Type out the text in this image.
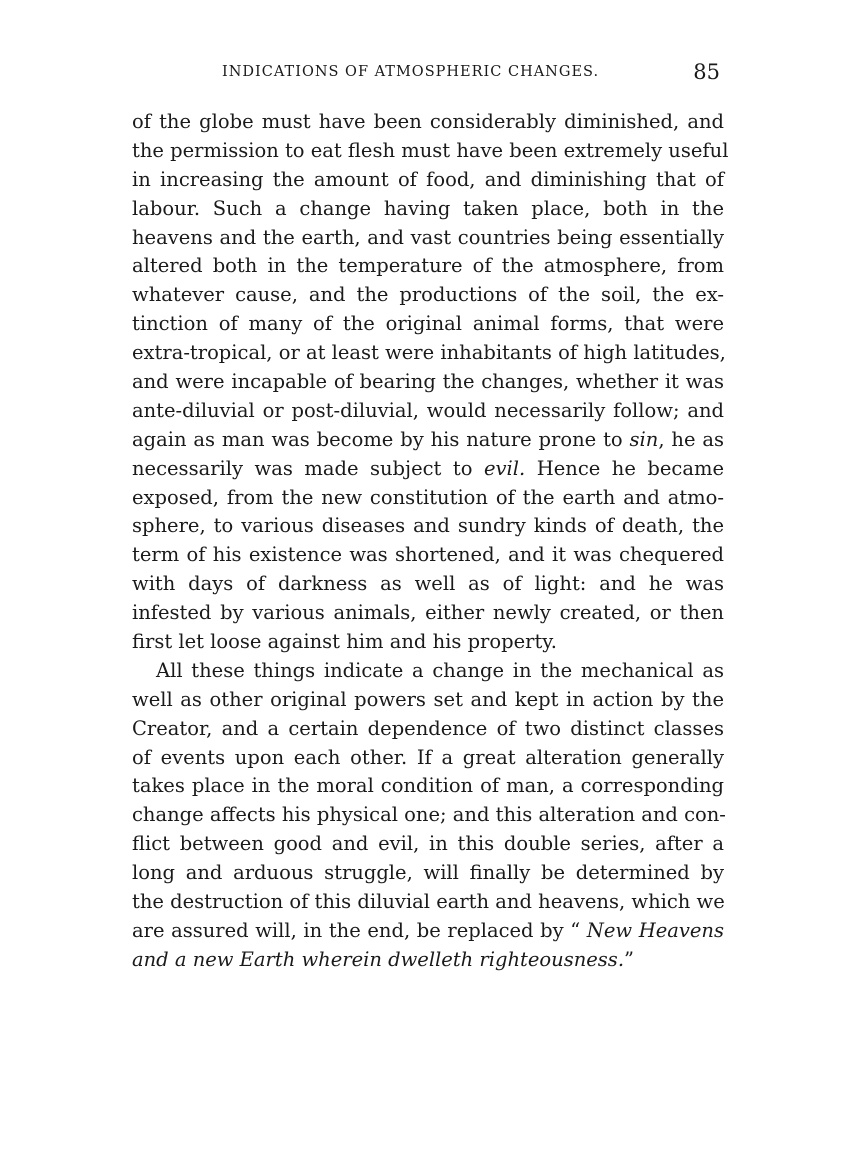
INDICATIONS OF ATMOSPHERIC CHANGES.	85
of the globe must have been considerably diminished, and
the permission to eat flesh must have been extremely useful
in increasing the amount of food, and diminishing that of
labour. Such a change having taken place, both in the
heavens and the earth, and vast countries being essentially
altered both in the temperature of the atmosphere, from
whatever cause, and the productions of the soil, the ex-
tinction of many of the original animal forms, that were
extra-tropical, or at least were inhabitants of high latitudes,
and were incapable of bearing the changes, whether it was
ante-diluvial or post-diluvial, would necessarily follow; and
again as man was become by his nature prone to sin, he as
necessarily was made subject to evil. Hence he became
exposed, from the new constitution of the earth and atmo-
sphere, to various diseases and sundry kinds of death, the
term of his existence was shortened, and it was chequered
with days of darkness as well as of light: and he was
infested by various animals, either newly created, or then
first let loose against him and his property.
All these things indicate a change in the mechanical as
well as other original powers set and kept in action by the
Creator, and a certain dependence of two distinct classes
of events upon each other. If a great alteration generally
takes place in the moral condition of man, a corresponding
change affects his physical one; and this alteration and con-
flict between good and evil, in this double series, after a
long and arduous struggle, will finally be determined by
the destruction of this diluvial earth and heavens, which we
are assured will, in the end, be replaced by “ New Heavens
and a new Earth wherein dwelleth righteousness.”
